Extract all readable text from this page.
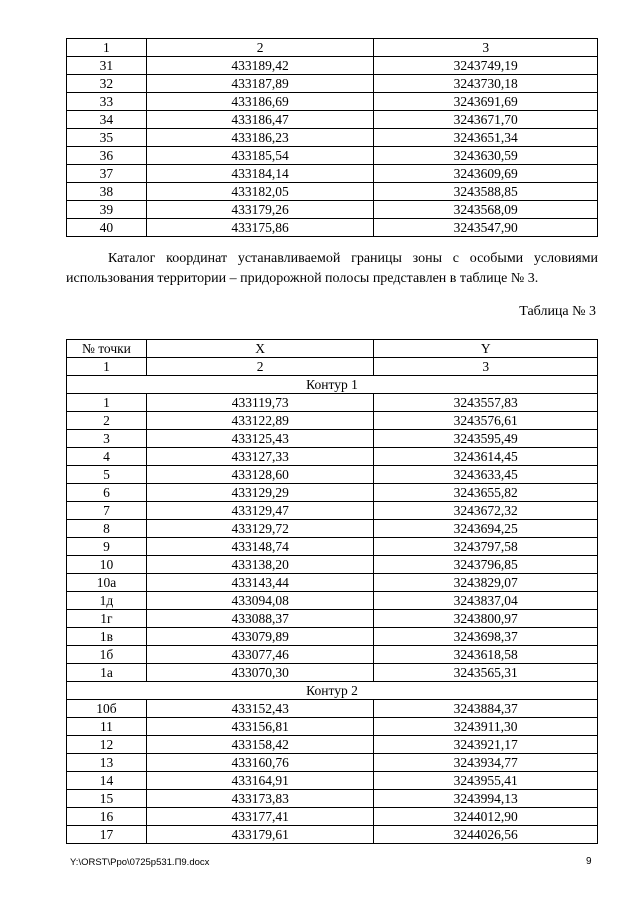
1	2	3
31	433189,42	3243749,19
32	433187,89	3243730,18
33	433186,69	3243691,69
34	433186,47	3243671,70
35	433186,23	3243651,34
36	433185,54	3243630,59
37	433184,14	3243609,69
38	433182,05	3243588,85
39	433179,26	3243568,09
40	433175,86	3243547,90
Каталог координат устанавливаемой границы зоны с особыми условиями использования территории – придорожной полосы представлен в таблице № 3.
Таблица № 3
№ точки	X	Y
1	2	3
Контур 1		
1	433119,73	3243557,83
2	433122,89	3243576,61
3	433125,43	3243595,49
4	433127,33	3243614,45
5	433128,60	3243633,45
6	433129,29	3243655,82
7	433129,47	3243672,32
8	433129,72	3243694,25
9	433148,74	3243797,58
10	433138,20	3243796,85
10а	433143,44	3243829,07
1д	433094,08	3243837,04
1г	433088,37	3243800,97
1в	433079,89	3243698,37
1б	433077,46	3243618,58
1а	433070,30	3243565,31
Контур 2		
10б	433152,43	3243884,37
11	433156,81	3243911,30
12	433158,42	3243921,17
13	433160,76	3243934,77
14	433164,91	3243955,41
15	433173,83	3243994,13
16	433177,41	3244012,90
17	433179,61	3244026,56
Y:\ORST\Рро\0725р531.П9.docx	9
